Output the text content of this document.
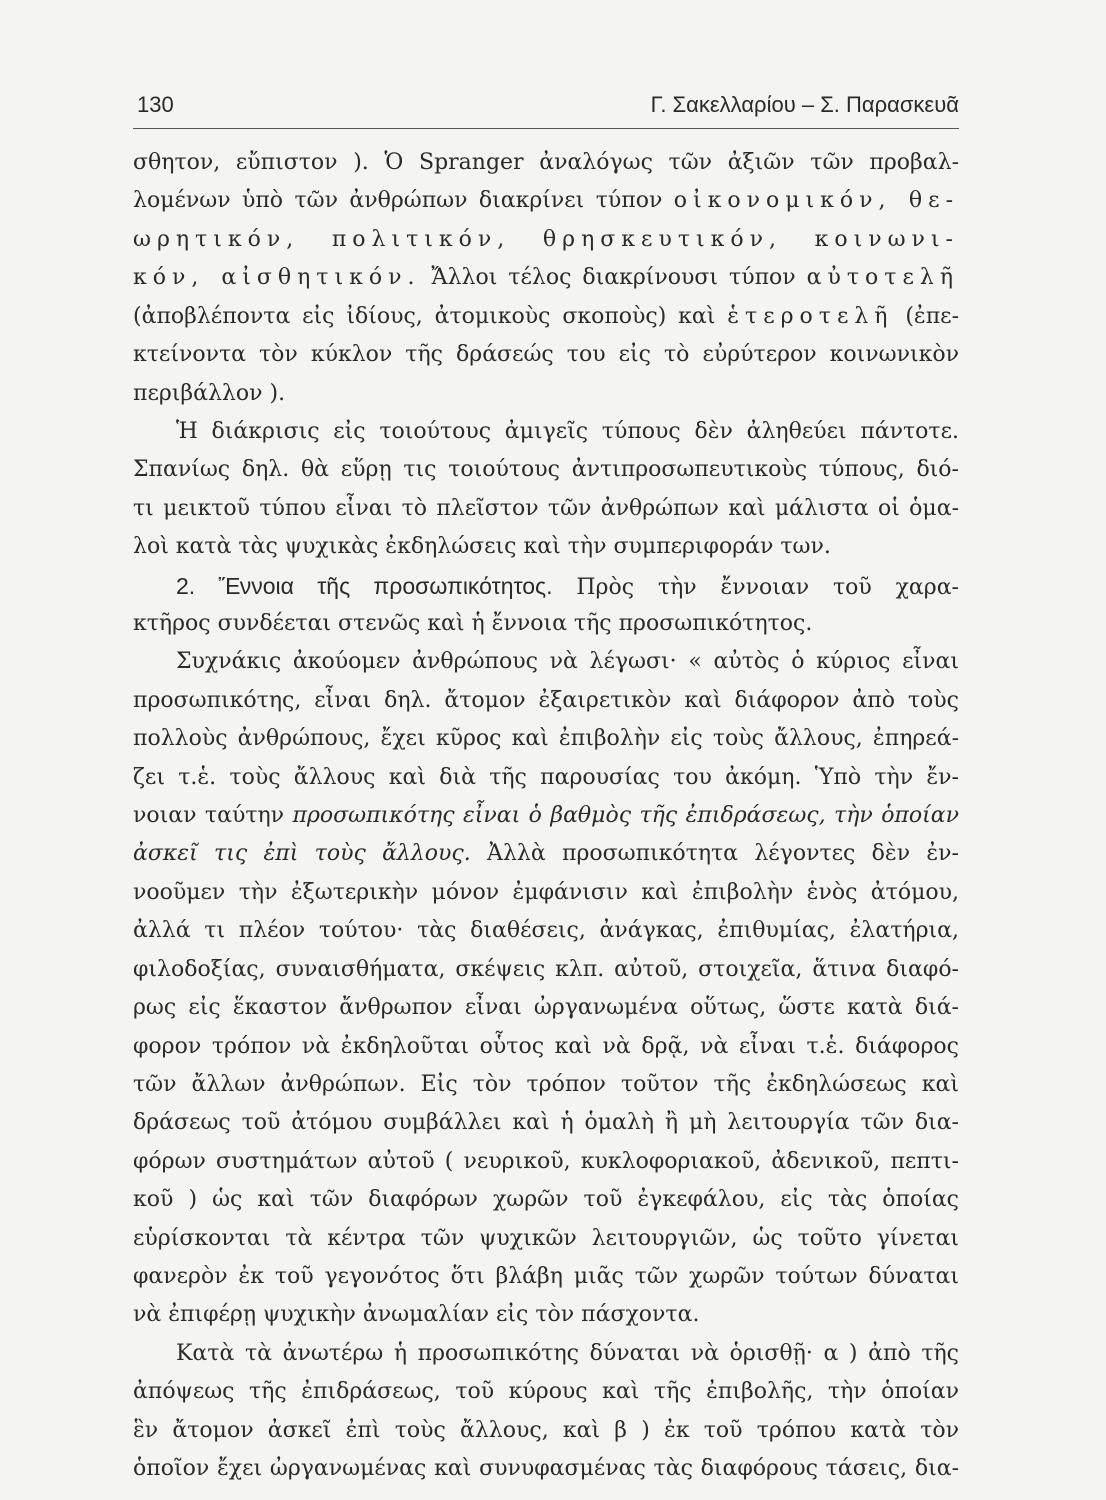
130	Γ. Σακελλαρίου – Σ. Παρασκευᾶ
σθητον, εὔπιστον ). Ὁ Spranger ἀναλόγως τῶν ἀξιῶν τῶν προβαλ-
λομένων ὑπὸ τῶν ἀνθρώπων διακρίνει τύπον οἰκονομικόν, θε-
ωρητικόν, πολιτικόν, θρησκευτικόν, κοινωνι-
κόν, αἰσθητικόν. Ἄλλοι τέλος διακρίνουσι τύπον αὐτοτελῆ
(ἀποβλέποντα εἰς ἰδίους, ἀτομικοὺς σκοποὺς) καὶ ἑτεροτελῆ (ἐπε-
κτείνοντα τὸν κύκλον τῆς δράσεώς του εἰς τὸ εὐρύτερον κοινωνικὸν
περιβάλλον ).
Ἡ διάκρισις εἰς τοιούτους ἀμιγεῖς τύπους δὲν ἀληθεύει πάντοτε.
Σπανίως δηλ. θὰ εὕρῃ τις τοιούτους ἀντιπροσωπευτικοὺς τύπους, διό-
τι μεικτοῦ τύπου εἶναι τὸ πλεῖστον τῶν ἀνθρώπων καὶ μάλιστα οἱ ὁμα-
λοὶ κατὰ τὰς ψυχικὰς ἐκδηλώσεις καὶ τὴν συμπεριφοράν των.
2. Ἔννοια τῆς προσωπικότητος. Πρὸς τὴν ἔννοιαν τοῦ χαρα-
κτῆρος συνδέεται στενῶς καὶ ἡ ἔννοια τῆς προσωπικότητος.
Συχνάκις ἀκούομεν ἀνθρώπους νὰ λέγωσι· « αὐτὸς ὁ κύριος εἶναι
προσωπικότης, εἶναι δηλ. ἄτομον ἐξαιρετικὸν καὶ διάφορον ἀπὸ τοὺς
πολλοὺς ἀνθρώπους, ἔχει κῦρος καὶ ἐπιβολὴν εἰς τοὺς ἄλλους, ἐπηρεά-
ζει τ.ἑ. τοὺς ἄλλους καὶ διὰ τῆς παρουσίας του ἀκόμη. Ὑπὸ τὴν ἔν-
νοιαν ταύτην προσωπικότης εἶναι ὁ βαθμὸς τῆς ἐπιδράσεως, τὴν ὁποίαν
ἀσκεῖ τις ἐπὶ τοὺς ἄλλους. Ἀλλὰ προσωπικότητα λέγοντες δὲν ἐν-
νοοῦμεν τὴν ἐξωτερικὴν μόνον ἐμφάνισιν καὶ ἐπιβολὴν ἑνὸς ἀτόμου,
ἀλλά τι πλέον τούτου· τὰς διαθέσεις, ἀνάγκας, ἐπιθυμίας, ἐλατήρια,
φιλοδοξίας, συναισθήματα, σκέψεις κλπ. αὐτοῦ, στοιχεῖα, ἅτινα διαφό-
ρως εἰς ἕκαστον ἄνθρωπον εἶναι ὠργανωμένα οὕτως, ὥστε κατὰ διά-
φορον τρόπον νὰ ἐκδηλοῦται οὗτος καὶ νὰ δρᾷ, νὰ εἶναι τ.ἑ. διάφορος
τῶν ἄλλων ἀνθρώπων. Εἰς τὸν τρόπον τοῦτον τῆς ἐκδηλώσεως καὶ
δράσεως τοῦ ἀτόμου συμβάλλει καὶ ἡ ὁμαλὴ ἢ μὴ λειτουργία τῶν δια-
φόρων συστημάτων αὐτοῦ ( νευρικοῦ, κυκλοφοριακοῦ, ἀδενικοῦ, πεπτι-
κοῦ ) ὡς καὶ τῶν διαφόρων χωρῶν τοῦ ἐγκεφάλου, εἰς τὰς ὁποίας
εὑρίσκονται τὰ κέντρα τῶν ψυχικῶν λειτουργιῶν, ὡς τοῦτο γίνεται
φανερὸν ἐκ τοῦ γεγονότος ὅτι βλάβη μιᾶς τῶν χωρῶν τούτων δύναται
νὰ ἐπιφέρῃ ψυχικὴν ἀνωμαλίαν εἰς τὸν πάσχοντα.
Κατὰ τὰ ἀνωτέρω ἡ προσωπικότης δύναται νὰ ὁρισθῇ· α ) ἀπὸ τῆς
ἀπόψεως τῆς ἐπιδράσεως, τοῦ κύρους καὶ τῆς ἐπιβολῆς, τὴν ὁποίαν
ἓν ἄτομον ἀσκεῖ ἐπὶ τοὺς ἄλλους, καὶ β ) ἐκ τοῦ τρόπου κατὰ τὸν
ὁποῖον ἔχει ὠργανωμένας καὶ συνυφασμένας τὰς διαφόρους τάσεις, δια-
